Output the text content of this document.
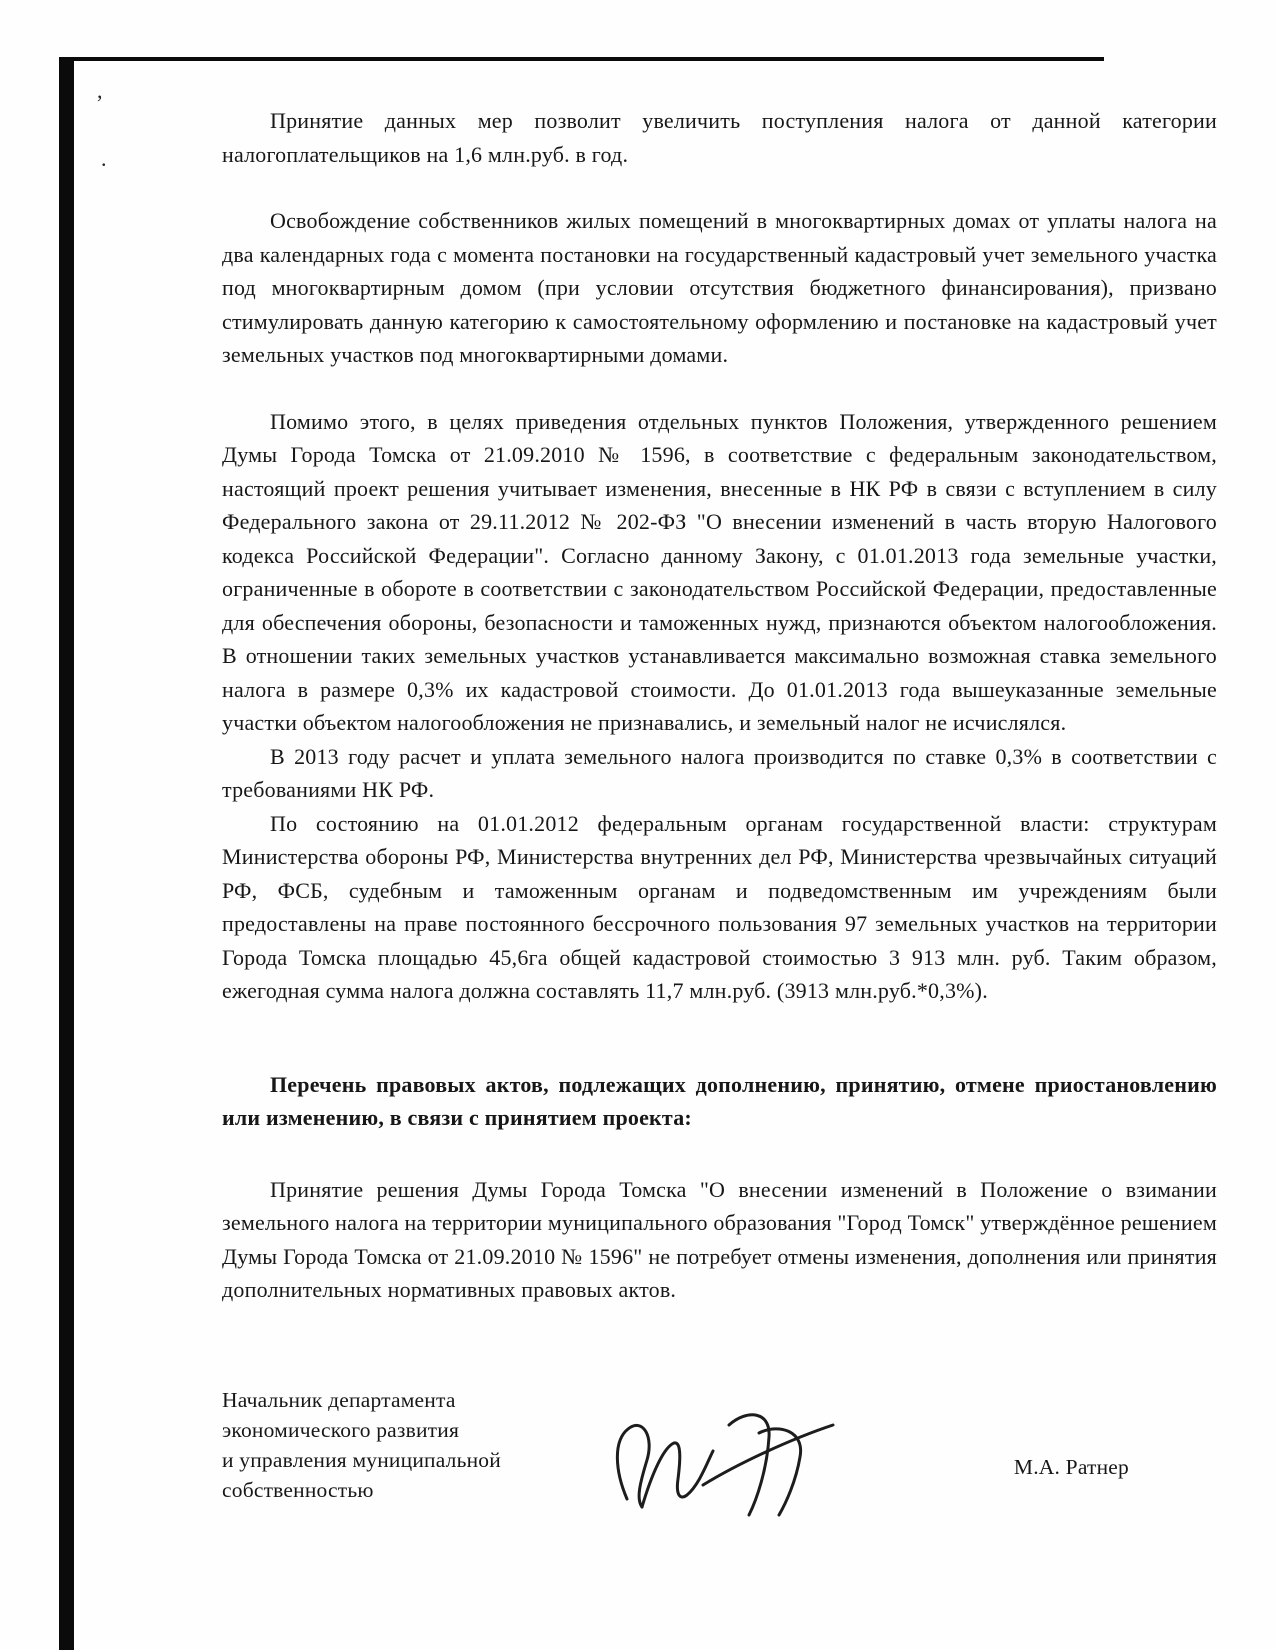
,
.

Принятие данных мер позволит увеличить поступления налога от данной категории налогоплательщиков на 1,6 млн.руб. в год.

Освобождение собственников жилых помещений в многоквартирных домах от уплаты налога на два календарных года с момента постановки на государственный кадастровый учет земельного участка под многоквартирным домом (при условии отсутствия бюджетного финансирования), призвано стимулировать данную категорию к самостоятельному оформлению и постановке на кадастровый учет земельных участков под многоквартирными домами.

Помимо этого, в целях приведения отдельных пунктов Положения, утвержденного решением Думы Города Томска от 21.09.2010 № 1596, в соответствие с федеральным законодательством, настоящий проект решения учитывает изменения, внесенные в НК РФ в связи с вступлением в силу Федерального закона от 29.11.2012 № 202-ФЗ "О внесении изменений в часть вторую Налогового кодекса Российской Федерации". Согласно данному Закону, с 01.01.2013 года земельные участки, ограниченные в обороте в соответствии с законодательством Российской Федерации, предоставленные для обеспечения обороны, безопасности и таможенных нужд, признаются объектом налогообложения. В отношении таких земельных участков устанавливается максимально возможная ставка земельного налога в размере 0,3% их кадастровой стоимости. До 01.01.2013 года вышеуказанные земельные участки объектом налогообложения не признавались, и земельный налог не исчислялся.

В 2013 году расчет и уплата земельного налога производится по ставке 0,3% в соответствии с требованиями НК РФ.

По состоянию на 01.01.2012 федеральным органам государственной власти: структурам Министерства обороны РФ, Министерства внутренних дел РФ, Министерства чрезвычайных ситуаций РФ, ФСБ, судебным и таможенным органам и подведомственным им учреждениям были предоставлены на праве постоянного бессрочного пользования 97 земельных участков на территории Города Томска площадью 45,6га общей кадастровой стоимостью 3 913 млн. руб. Таким образом, ежегодная сумма налога должна составлять 11,7 млн.руб. (3913 млн.руб.*0,3%).

Перечень правовых актов, подлежащих дополнению, принятию, отмене приостановлению или изменению, в связи с принятием проекта:

Принятие решения Думы Города Томска "О внесении изменений в Положение о взимании земельного налога на территории муниципального образования "Город Томск" утверждённое решением Думы Города Томска от 21.09.2010 № 1596" не потребует отмены изменения, дополнения или принятия дополнительных нормативных правовых актов.

Начальник департамента
экономического развития
и управления муниципальной
собственностью
М.А. Ратнер
